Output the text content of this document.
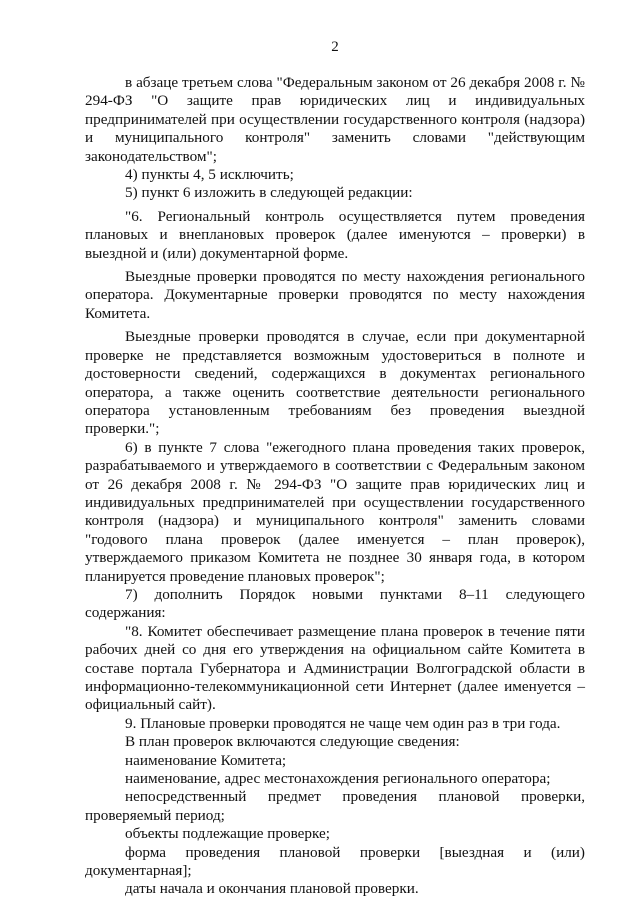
2

в абзаце третьем слова "Федеральным законом от 26 декабря 2008 г. № 294-ФЗ "О защите прав юридических лиц и индивидуальных предпринимателей при осуществлении государственного контроля (надзора) и муниципального контроля" заменить словами "действующим законодательством";

4) пункты 4, 5 исключить;

5) пункт 6 изложить в следующей редакции:

"6. Региональный контроль осуществляется путем проведения плановых и внеплановых проверок (далее именуются – проверки) в выездной и (или) документарной форме.

Выездные проверки проводятся по месту нахождения регионального оператора. Документарные проверки проводятся по месту нахождения Комитета.

Выездные проверки проводятся в случае, если при документарной проверке не представляется возможным удостовериться в полноте и достоверности сведений, содержащихся в документах регионального оператора, а также оценить соответствие деятельности регионального оператора установленным требованиям без проведения выездной проверки.";

6) в пункте 7 слова "ежегодного плана проведения таких проверок, разрабатываемого и утверждаемого в соответствии с Федеральным законом от 26 декабря 2008 г. № 294-ФЗ "О защите прав юридических лиц и индивидуальных предпринимателей при осуществлении государственного контроля (надзора) и муниципального контроля" заменить словами "годового плана проверок (далее именуется – план проверок), утверждаемого приказом Комитета не позднее 30 января года, в котором планируется проведение плановых проверок";

7) дополнить Порядок новыми пунктами 8–11 следующего содержания:

"8. Комитет обеспечивает размещение плана проверок в течение пяти рабочих дней со дня его утверждения на официальном сайте Комитета в составе портала Губернатора и Администрации Волгоградской области в информационно-телекоммуникационной сети Интернет (далее именуется – официальный сайт).

9. Плановые проверки проводятся не чаще чем один раз в три года.

В план проверок включаются следующие сведения:

наименование Комитета;

наименование, адрес местонахождения регионального оператора;

непосредственный предмет проведения плановой проверки, проверяемый период;

объекты подлежащие проверке;

форма проведения плановой проверки [выездная и (или) документарная];

даты начала и окончания плановой проверки.
